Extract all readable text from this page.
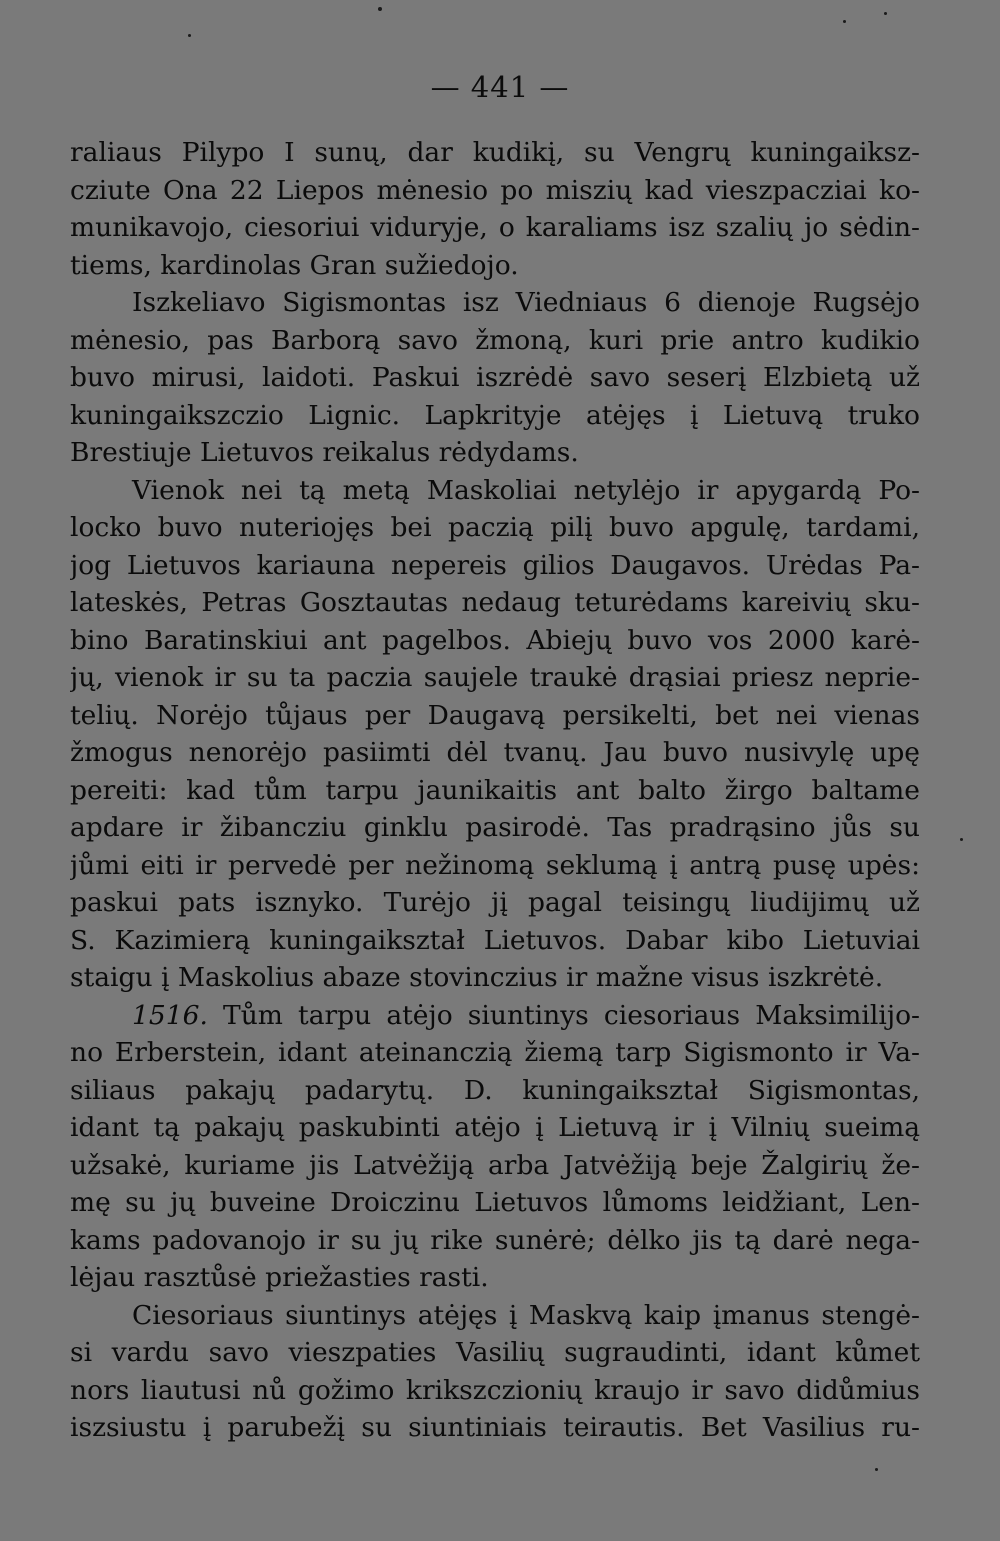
— 441 —
raliaus Pilypo I sunų, dar kudikį, su Vengrų kuningaiksz-
cziute Ona 22 Liepos mėnesio po miszių kad vieszpacziai ko-
munikavojo, ciesoriui viduryje, o karaliams isz szalių jo sėdin-
tiems, kardinolas Gran sužiedojo.
Iszkeliavo Sigismontas isz Viedniaus 6 dienoje Rugsėjo
mėnesio, pas Barborą savo žmoną, kuri prie antro kudikio
buvo mirusi, laidoti. Paskui iszrėdė savo seserį Elzbietą už
kuningaikszczio Lignic. Lapkrityje atėjęs į Lietuvą truko
Brestiuje Lietuvos reikalus rėdydams.
Vienok nei tą metą Maskoliai netylėjo ir apygardą Po-
locko buvo nuteriojęs bei paczią pilį buvo apgulę, tardami,
jog Lietuvos kariauna nepereis gilios Daugavos. Urėdas Pa-
lateskės, Petras Gosztautas nedaug teturėdams kareivių sku-
bino Baratinskiui ant pagelbos. Abiejų buvo vos 2000 karė-
jų, vienok ir su ta paczia saujele traukė drąsiai priesz neprie-
telių. Norėjo tůjaus per Daugavą persikelti, bet nei vienas
žmogus nenorėjo pasiimti dėl tvanų. Jau buvo nusivylę upę
pereiti: kad tům tarpu jaunikaitis ant balto žirgo baltame
apdare ir žibancziu ginklu pasirodė. Tas pradrąsino jůs su
jůmi eiti ir pervedė per nežinomą seklumą į antrą pusę upės:
paskui pats isznyko. Turėjo jį pagal teisingų liudijimų už
S. Kazimierą kuningaikształ Lietuvos. Dabar kibo Lietuviai
staigu į Maskolius abaze stovinczius ir mažne visus iszkrėtė.
1516. Tům tarpu atėjo siuntinys ciesoriaus Maksimilijo-
no Erberstein, idant ateinanczią žiemą tarp Sigismonto ir Va-
siliaus pakajų padarytų. D. kuningaikształ Sigismontas,
idant tą pakajų paskubinti atėjo į Lietuvą ir į Vilnių sueimą
užsakė, kuriame jis Latvėžiją arba Jatvėžiją beje Žalgirių že-
mę su jų buveine Droiczinu Lietuvos lůmoms leidžiant, Len-
kams padovanojo ir su jų rike sunėrė; dėlko jis tą darė nega-
lėjau rasztůsė priežasties rasti.
Ciesoriaus siuntinys atėjęs į Maskvą kaip įmanus stengė-
si vardu savo vieszpaties Vasilių sugraudinti, idant kůmet
nors liautusi nů gožimo krikszczionių kraujo ir savo didůmius
iszsiustu į parubežį su siuntiniais teirautis. Bet Vasilius ru-
